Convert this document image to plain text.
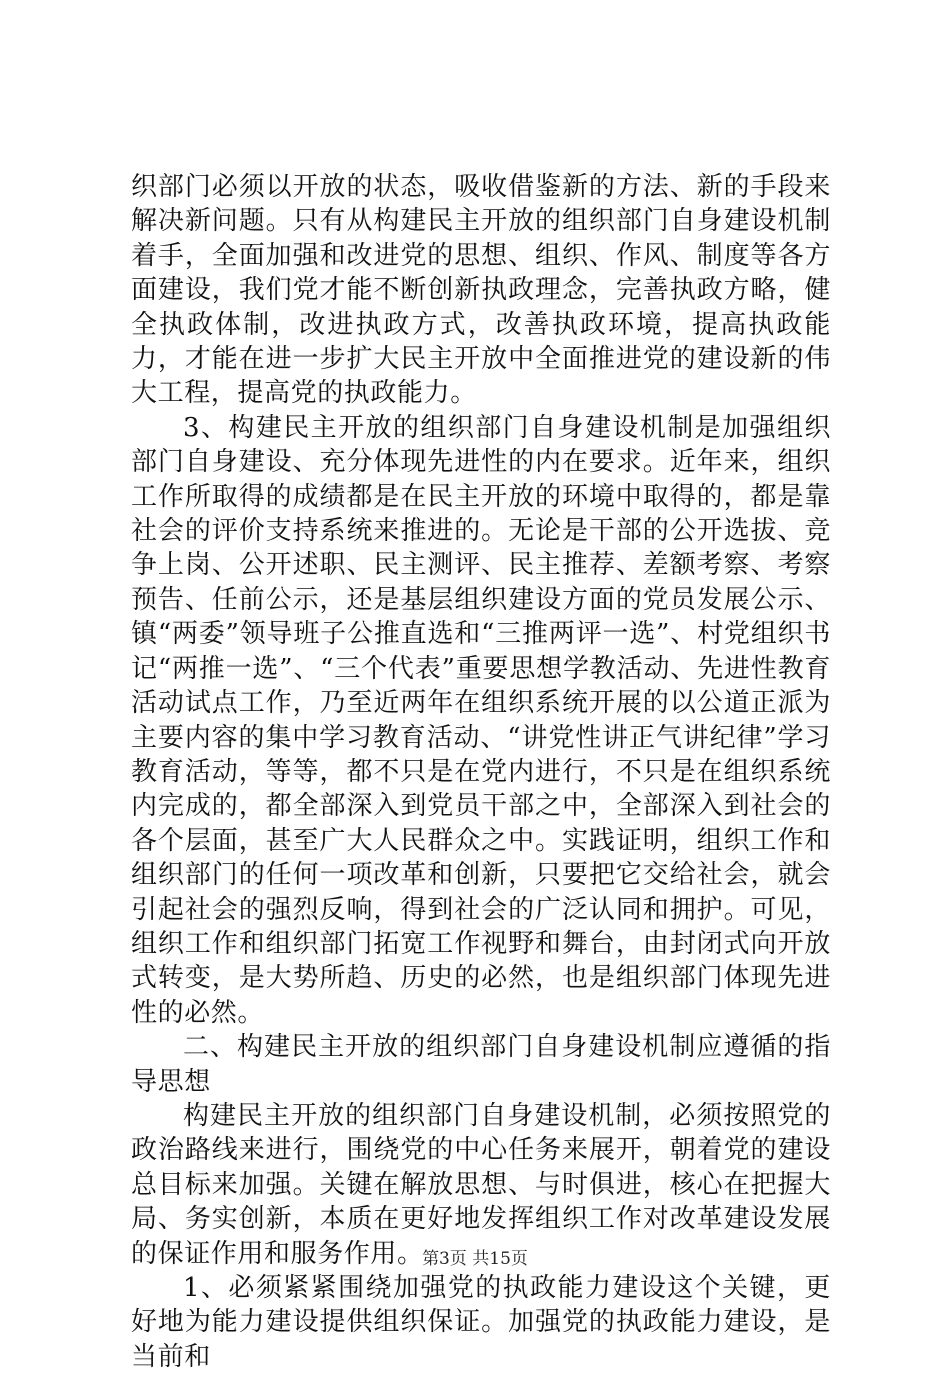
织部门必须以开放的状态，吸收借鉴新的方法、新的手段来解决新问题。只有从构建民主开放的组织部门自身建设机制着手，全面加强和改进党的思想、组织、作风、制度等各方面建设，我们党才能不断创新执政理念，完善执政方略，健全执政体制，改进执政方式，改善执政环境，提高执政能力，才能在进一步扩大民主开放中全面推进党的建设新的伟大工程，提高党的执政能力。

3、构建民主开放的组织部门自身建设机制是加强组织部门自身建设、充分体现先进性的内在要求。近年来，组织工作所取得的成绩都是在民主开放的环境中取得的，都是靠社会的评价支持系统来推进的。无论是干部的公开选拔、竞争上岗、公开述职、民主测评、民主推荐、差额考察、考察预告、任前公示，还是基层组织建设方面的党员发展公示、镇“两委”领导班子公推直选和“三推两评一选”、村党组织书记“两推一选”、“三个代表”重要思想学教活动、先进性教育活动试点工作，乃至近两年在组织系统开展的以公道正派为主要内容的集中学习教育活动、“讲党性讲正气讲纪律”学习教育活动，等等，都不只是在党内进行，不只是在组织系统内完成的，都全部深入到党员干部之中，全部深入到社会的各个层面，甚至广大人民群众之中。实践证明，组织工作和组织部门的任何一项改革和创新，只要把它交给社会，就会引起社会的强烈反响，得到社会的广泛认同和拥护。可见，组织工作和组织部门拓宽工作视野和舞台，由封闭式向开放式转变，是大势所趋、历史的必然，也是组织部门体现先进性的必然。

二、构建民主开放的组织部门自身建设机制应遵循的指导思想

构建民主开放的组织部门自身建设机制，必须按照党的政治路线来进行，围绕党的中心任务来展开，朝着党的建设总目标来加强。关键在解放思想、与时俱进，核心在把握大局、务实创新，本质在更好地发挥组织工作对改革建设发展的保证作用和服务作用。

1、必须紧紧围绕加强党的执政能力建设这个关键，更好地为能力建设提供组织保证。加强党的执政能力建设，是当前和

第3页 共15页
